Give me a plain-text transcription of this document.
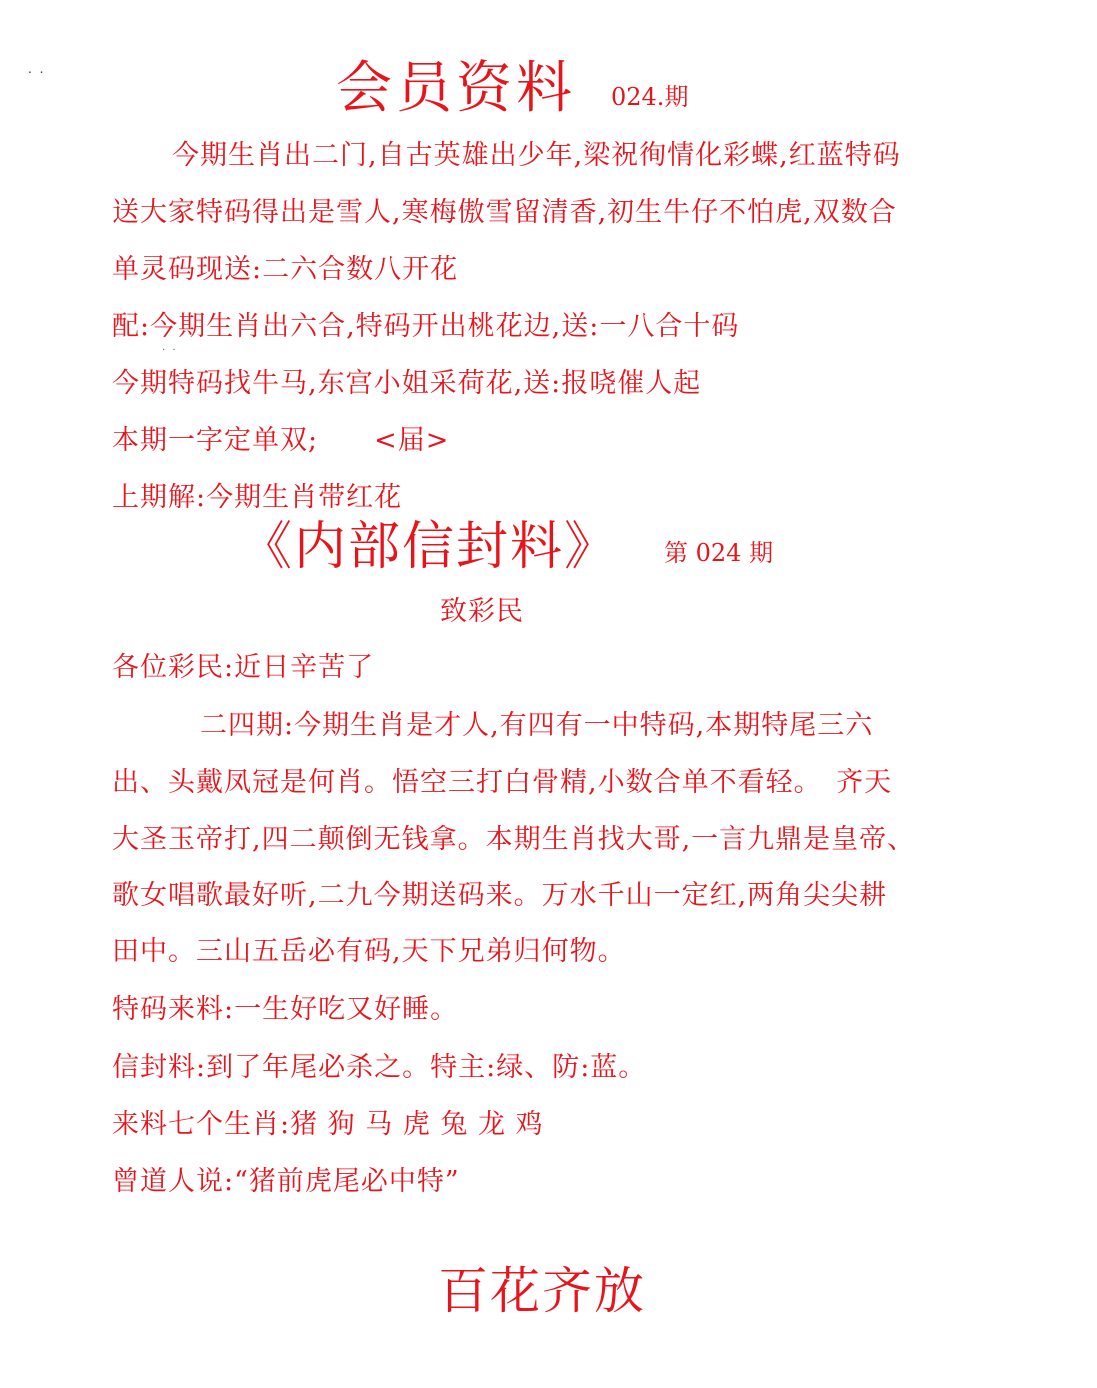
. .
. .
会员资料 024.期
今期生肖出二门,自古英雄出少年,梁祝徇情化彩蝶,红蓝特码
送大家特码得出是雪人,寒梅傲雪留清香,初生牛仔不怕虎,双数合
单灵码现送:二六合数八开花
配:今期生肖出六合,特码开出桃花边,送:一八合十码
今期特码找牛马,东宫小姐采荷花,送:报哓催人起
本期一字定单双;　　<届>
上期解:今期生肖带红花
《内部信封料》 第 024 期
致彩民
各位彩民:近日辛苦了
二四期:今期生肖是才人,有四有一中特码,本期特尾三六
出、头戴凤冠是何肖。悟空三打白骨精,小数合单不看轻。　齐天
大圣玉帝打,四二颠倒无钱拿。本期生肖找大哥,一言九鼎是皇帝、
歌女唱歌最好听,二九今期送码来。万水千山一定红,两角尖尖耕
田中。三山五岳必有码,天下兄弟归何物。
特码来料:一生好吃又好睡。
信封料:到了年尾必杀之。特主:绿、防:蓝。
来料七个生肖:猪 狗 马 虎 兔 龙 鸡
曾道人说:“猪前虎尾必中特”
百花齐放
